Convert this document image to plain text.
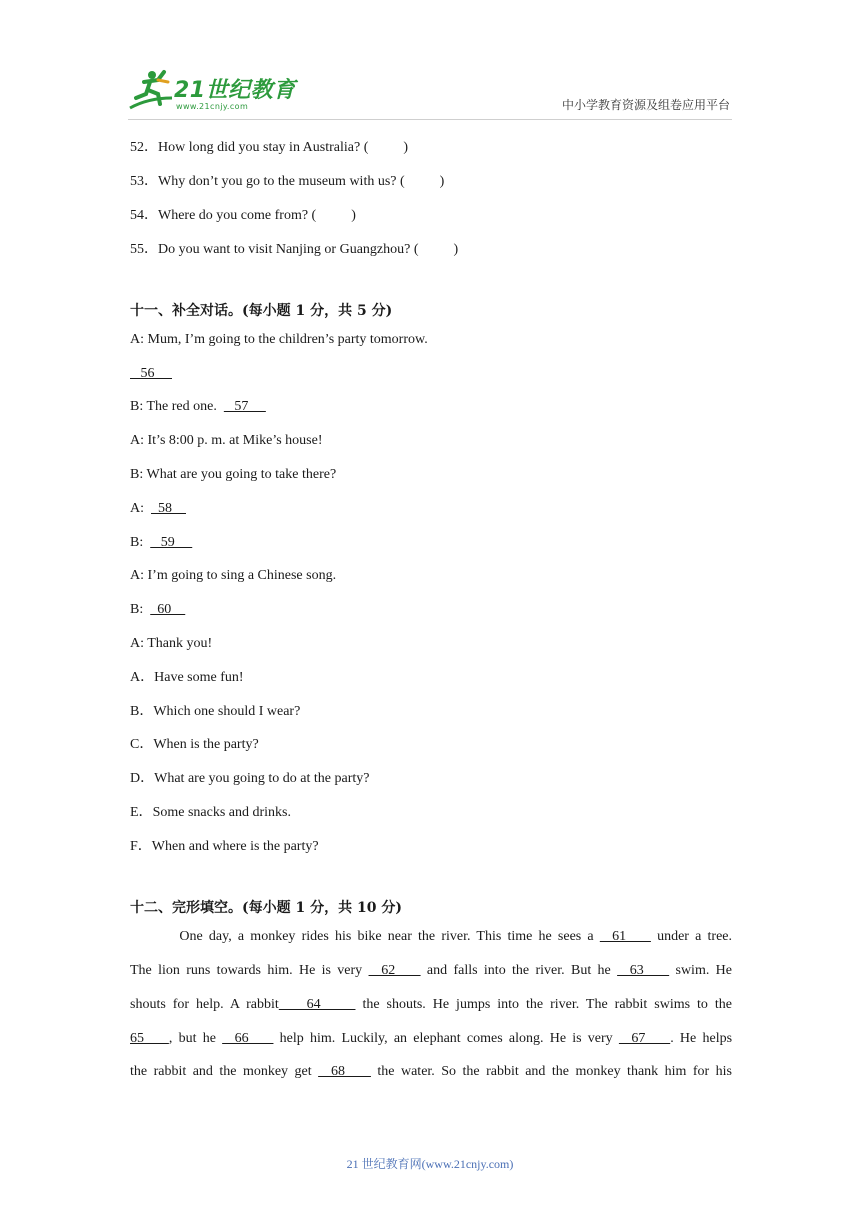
21世纪教育
www.21cnjy.com	中小学教育资源及组卷应用平台
52．How long did you stay in Australia? (	)
53．Why don’t you go to the museum with us? (	)
54．Where do you come from? (	)
55．Do you want to visit Nanjing or Guangzhou? (	)
十一、补全对话。(每小题 1 分，共 5 分)
A: Mum, I’m going to the children’s party tomorrow.
56
B: The red one.     57
A: It’s 8:00 p. m. at Mike’s house!
B: What are you going to take there?
A:    58
B:     59
A: I’m going to sing a Chinese song.
B:    60
A: Thank you!
A．Have some fun!
B．Which one should I wear?
C．When is the party?
D．What are you going to do at the party?
E．Some snacks and drinks.
F．When and where is the party?
十二、完形填空。(每小题 1 分，共 10 分)
One day, a monkey rides his bike near the river. This time he sees a   61     under a tree.
The lion runs towards him. He is very   62     and falls into the river. But he   63     swim. He
shouts for help. A rabbit    64      the shouts. He jumps into the river. The rabbit swims to the
65    , but he   66     help him. Luckily, an elephant comes along. He is very   67    . He helps
the rabbit and the monkey get   68     the water. So the rabbit and the monkey thank him for his
21 世纪教育网(www.21cnjy.com)
